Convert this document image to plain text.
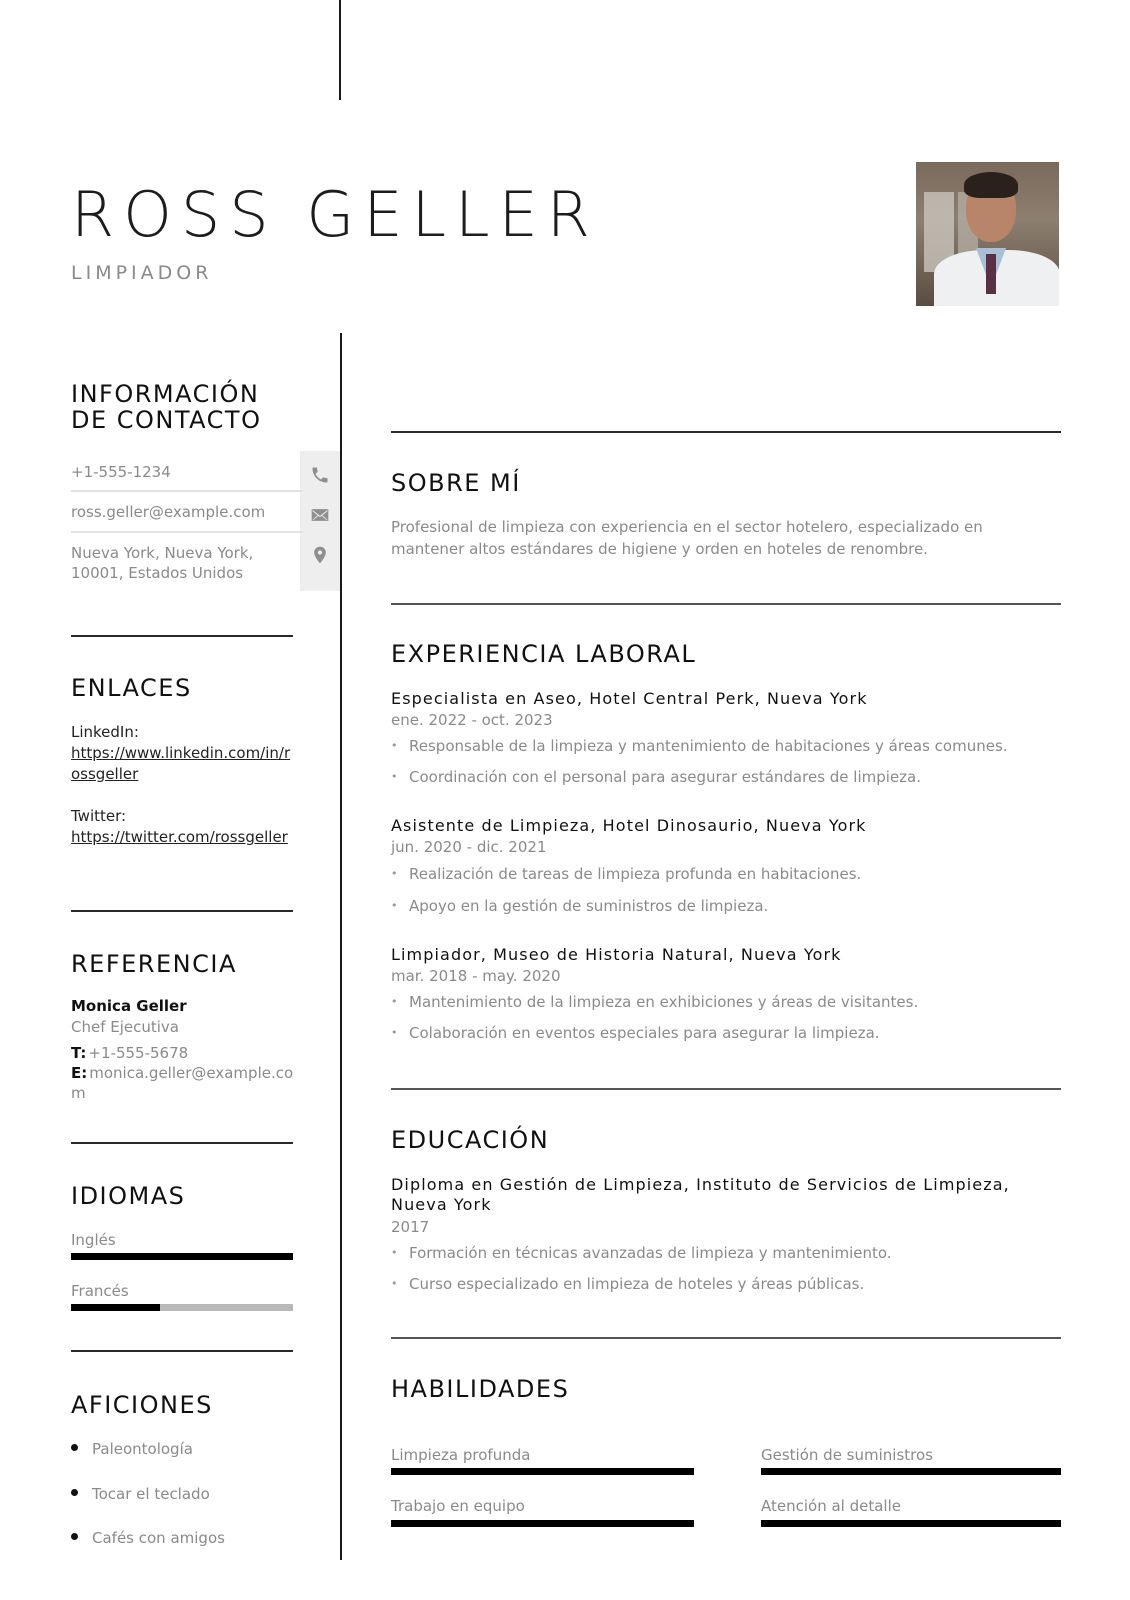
ROSS GELLER
LIMPIADOR
INFORMACIÓN
DE CONTACTO
+1-555-1234
ross.geller@example.com
Nueva York, Nueva York,
10001, Estados Unidos
ENLACES
LinkedIn:
https://www.linkedin.com/in/rossgeller
Twitter:
https://twitter.com/rossgeller
REFERENCIA
Monica Geller
Chef Ejecutiva
T: +1-555-5678
E: monica.geller@example.com
IDIOMAS
Inglés
Francés
AFICIONES
Paleontología
Tocar el teclado
Cafés con amigos
SOBRE MÍ
Profesional de limpieza con experiencia en el sector hotelero, especializado en mantener altos estándares de higiene y orden en hoteles de renombre.
EXPERIENCIA LABORAL
Especialista en Aseo, Hotel Central Perk, Nueva York
ene. 2022 - oct. 2023
• Responsable de la limpieza y mantenimiento de habitaciones y áreas comunes.
• Coordinación con el personal para asegurar estándares de limpieza.
Asistente de Limpieza, Hotel Dinosaurio, Nueva York
jun. 2020 - dic. 2021
• Realización de tareas de limpieza profunda en habitaciones.
• Apoyo en la gestión de suministros de limpieza.
Limpiador, Museo de Historia Natural, Nueva York
mar. 2018 - may. 2020
• Mantenimiento de la limpieza en exhibiciones y áreas de visitantes.
• Colaboración en eventos especiales para asegurar la limpieza.
EDUCACIÓN
Diploma en Gestión de Limpieza, Instituto de Servicios de Limpieza,
Nueva York
2017
• Formación en técnicas avanzadas de limpieza y mantenimiento.
• Curso especializado en limpieza de hoteles y áreas públicas.
HABILIDADES
Limpieza profunda	Gestión de suministros
Trabajo en equipo	Atención al detalle
